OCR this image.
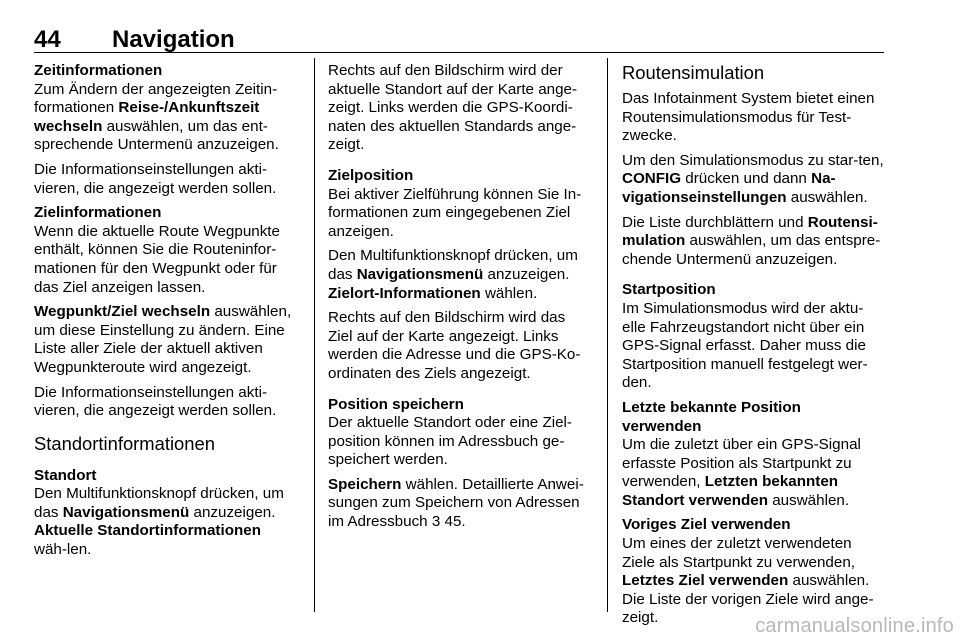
44	Navigation
Zeitinformationen
Zum Ändern der angezeigten Zeitin-formationen Reise-/Ankunftszeit wechseln auswählen, um das ent-sprechende Untermenü anzuzeigen.
Die Informationseinstellungen akti-vieren, die angezeigt werden sollen.
Zielinformationen
Wenn die aktuelle Route Wegpunkte enthält, können Sie die Routeninfor-mationen für den Wegpunkt oder für das Ziel anzeigen lassen.
Wegpunkt/Ziel wechseln auswählen, um diese Einstellung zu ändern. Eine Liste aller Ziele der aktuell aktiven Wegpunkteroute wird angezeigt.
Die Informationseinstellungen akti-vieren, die angezeigt werden sollen.
Standortinformationen
Standort
Den Multifunktionsknopf drücken, um das Navigationsmenü anzuzeigen.
Aktuelle Standortinformationen wäh-len.
Rechts auf den Bildschirm wird der aktuelle Standort auf der Karte ange-zeigt. Links werden die GPS-Koordi-naten des aktuellen Standards ange-zeigt.
Zielposition
Bei aktiver Zielführung können Sie In-formationen zum eingegebenen Ziel anzeigen.
Den Multifunktionsknopf drücken, um das Navigationsmenü anzuzeigen.
Zielort-Informationen wählen.
Rechts auf den Bildschirm wird das Ziel auf der Karte angezeigt. Links werden die Adresse und die GPS-Ko-ordinaten des Ziels angezeigt.
Position speichern
Der aktuelle Standort oder eine Ziel-position können im Adressbuch ge-speichert werden.
Speichern wählen. Detaillierte Anwei-sungen zum Speichern von Adressen im Adressbuch 3 45.
Routensimulation
Das Infotainment System bietet einen Routensimulationsmodus für Test-zwecke.
Um den Simulationsmodus zu star-ten, CONFIG drücken und dann Na-vigationseinstellungen auswählen.
Die Liste durchblättern und Routensi-mulation auswählen, um das entspre-chende Untermenü anzuzeigen.
Startposition
Im Simulationsmodus wird der aktu-elle Fahrzeugstandort nicht über ein GPS-Signal erfasst. Daher muss die Startposition manuell festgelegt wer-den.
Letzte bekannte Position verwenden
Um die zuletzt über ein GPS-Signal erfasste Position als Startpunkt zu verwenden, Letzten bekannten Standort verwenden auswählen.
Voriges Ziel verwenden
Um eines der zuletzt verwendeten Ziele als Startpunkt zu verwenden, Letztes Ziel verwenden auswählen.
Die Liste der vorigen Ziele wird ange-zeigt.	carmanualsonline.info
